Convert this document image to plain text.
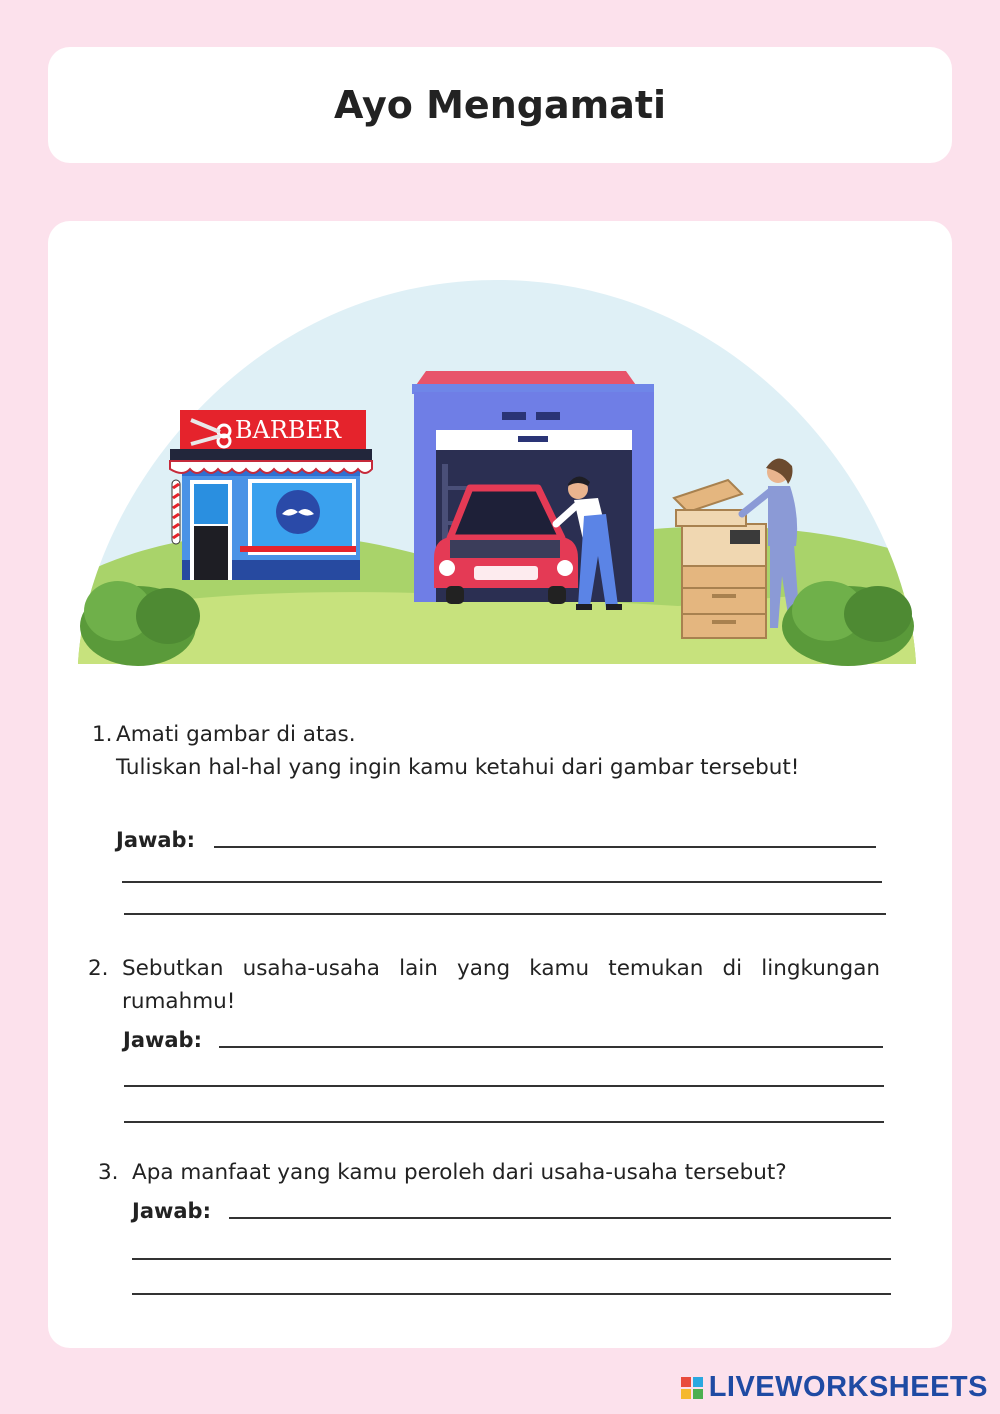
Ayo Mengamati
BARBER
1. Amati gambar di atas.
Tuliskan hal-hal yang ingin kamu ketahui dari gambar tersebut!
Jawab:
2. Sebutkan usaha-usaha lain yang kamu temukan di lingkungan rumahmu!
Jawab:
3. Apa manfaat yang kamu peroleh dari usaha-usaha tersebut?
Jawab:
LIVEWORKSHEETS
